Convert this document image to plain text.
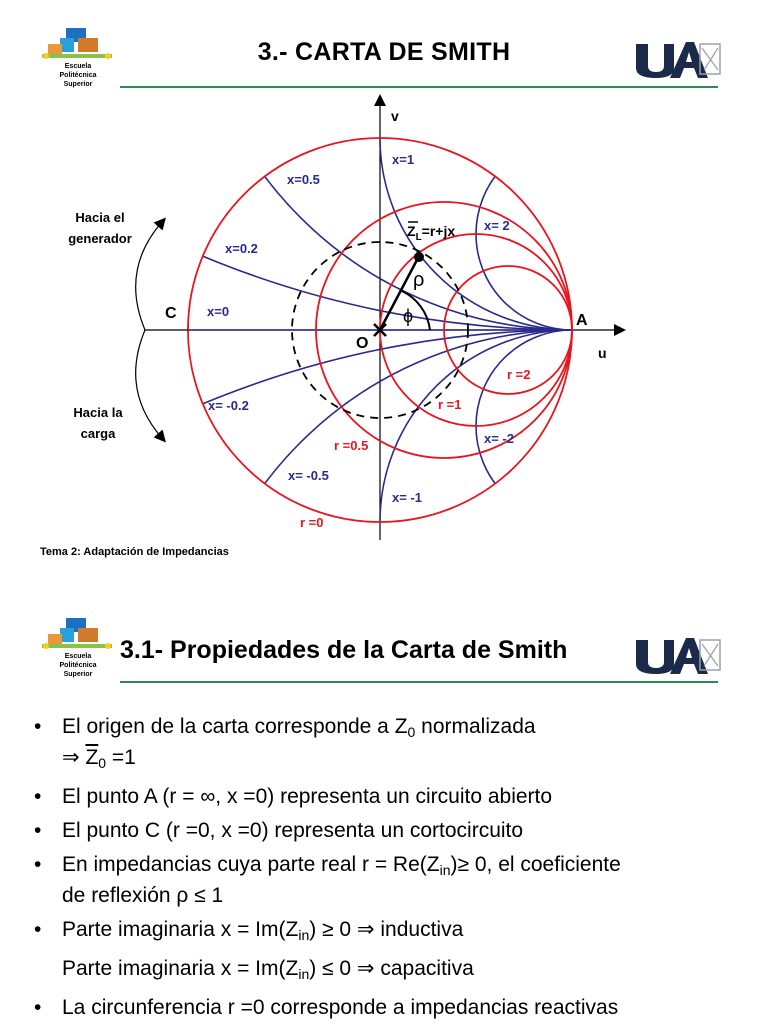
Escuela
Politécnica
Superior
3.- CARTA DE SMITH
v
u
A
C
O
Hacia el
generador
Hacia la
carga
x=1
x=0.5
x=0.2
x=0
x= 2
x= -0.2
x= -0.5
x= -1
x= -2
r =0
r =0.5
r =1
r =2
$Z_L=r+jx$
ρ
ϕ
Tema 2: Adaptación de Impedancias
Escuela
Politécnica
Superior
3.1- Propiedades de la Carta de Smith
• El origen de la carta corresponde a $Z_0$ normalizada
⇒ $\overline{Z}_0 =1$
• El punto A (r = ∞, x =0) representa un circuito abierto
• El punto C (r =0, x =0) representa un cortocircuito
• En impedancias cuya parte real $r = Re(Z_{in})\ge 0$, el coeficiente
de reflexión ρ ≤ 1
• Parte imaginaria $x = Im(Z_{in}) \ge 0$ ⇒ inductiva
Parte imaginaria $x = Im(Z_{in}) \le 0$ ⇒ capacitiva
• La circunferencia r =0 corresponde a impedancias reactivas
